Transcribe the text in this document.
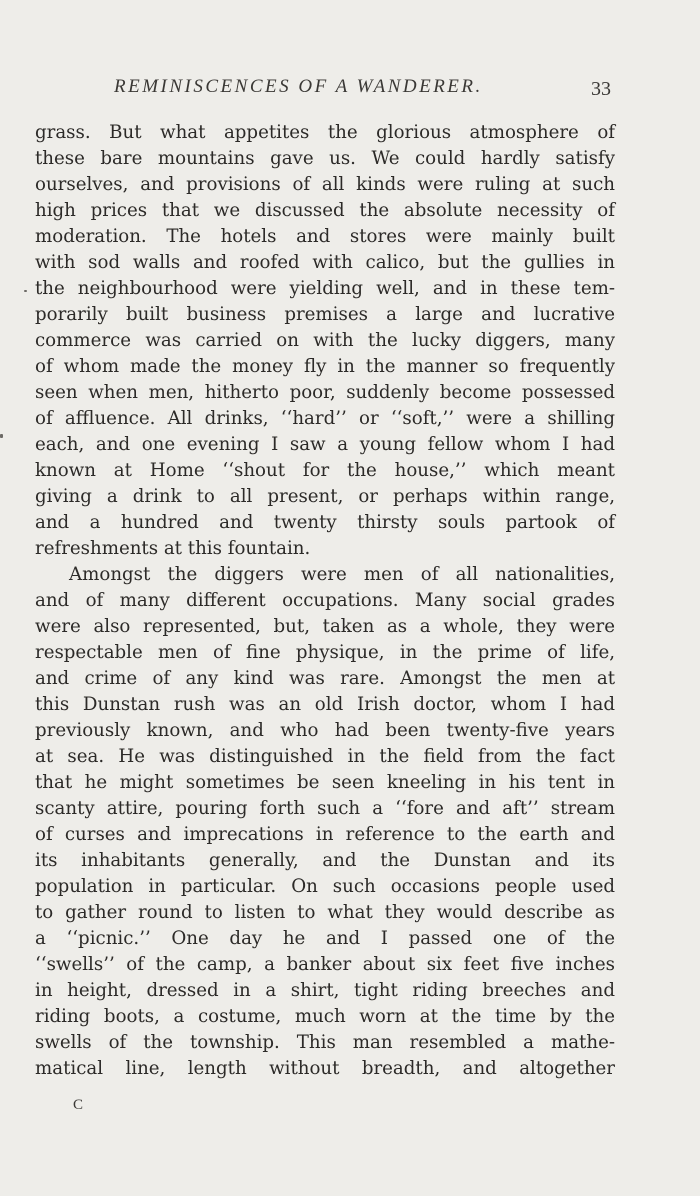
REMINISCENCES OF A WANDERER.	33
grass. But what appetites the glorious atmosphere of
these bare mountains gave us. We could hardly satisfy
ourselves, and provisions of all kinds were ruling at such
high prices that we discussed the absolute necessity of
moderation. The hotels and stores were mainly built
with sod walls and roofed with calico, but the gullies in
the neighbourhood were yielding well, and in these tem-
porarily built business premises a large and lucrative
commerce was carried on with the lucky diggers, many
of whom made the money fly in the manner so frequently
seen when men, hitherto poor, suddenly become possessed
of affluence. All drinks, ‘‘hard’’ or ‘‘soft,’’ were a shilling
each, and one evening I saw a young fellow whom I had
known at Home ‘‘shout for the house,’’ which meant
giving a drink to all present, or perhaps within range,
and a hundred and twenty thirsty souls partook of
refreshments at this fountain.
Amongst the diggers were men of all nationalities,
and of many different occupations. Many social grades
were also represented, but, taken as a whole, they were
respectable men of fine physique, in the prime of life,
and crime of any kind was rare. Amongst the men at
this Dunstan rush was an old Irish doctor, whom I had
previously known, and who had been twenty-five years
at sea. He was distinguished in the field from the fact
that he might sometimes be seen kneeling in his tent in
scanty attire, pouring forth such a ‘‘fore and aft’’ stream
of curses and imprecations in reference to the earth and
its inhabitants generally, and the Dunstan and its
population in particular. On such occasions people used
to gather round to listen to what they would describe as
a ‘‘picnic.’’ One day he and I passed one of the
‘‘swells’’ of the camp, a banker about six feet five inches
in height, dressed in a shirt, tight riding breeches and
riding boots, a costume, much worn at the time by the
swells of the township. This man resembled a mathe-
matical line, length without breadth, and altogether
C
